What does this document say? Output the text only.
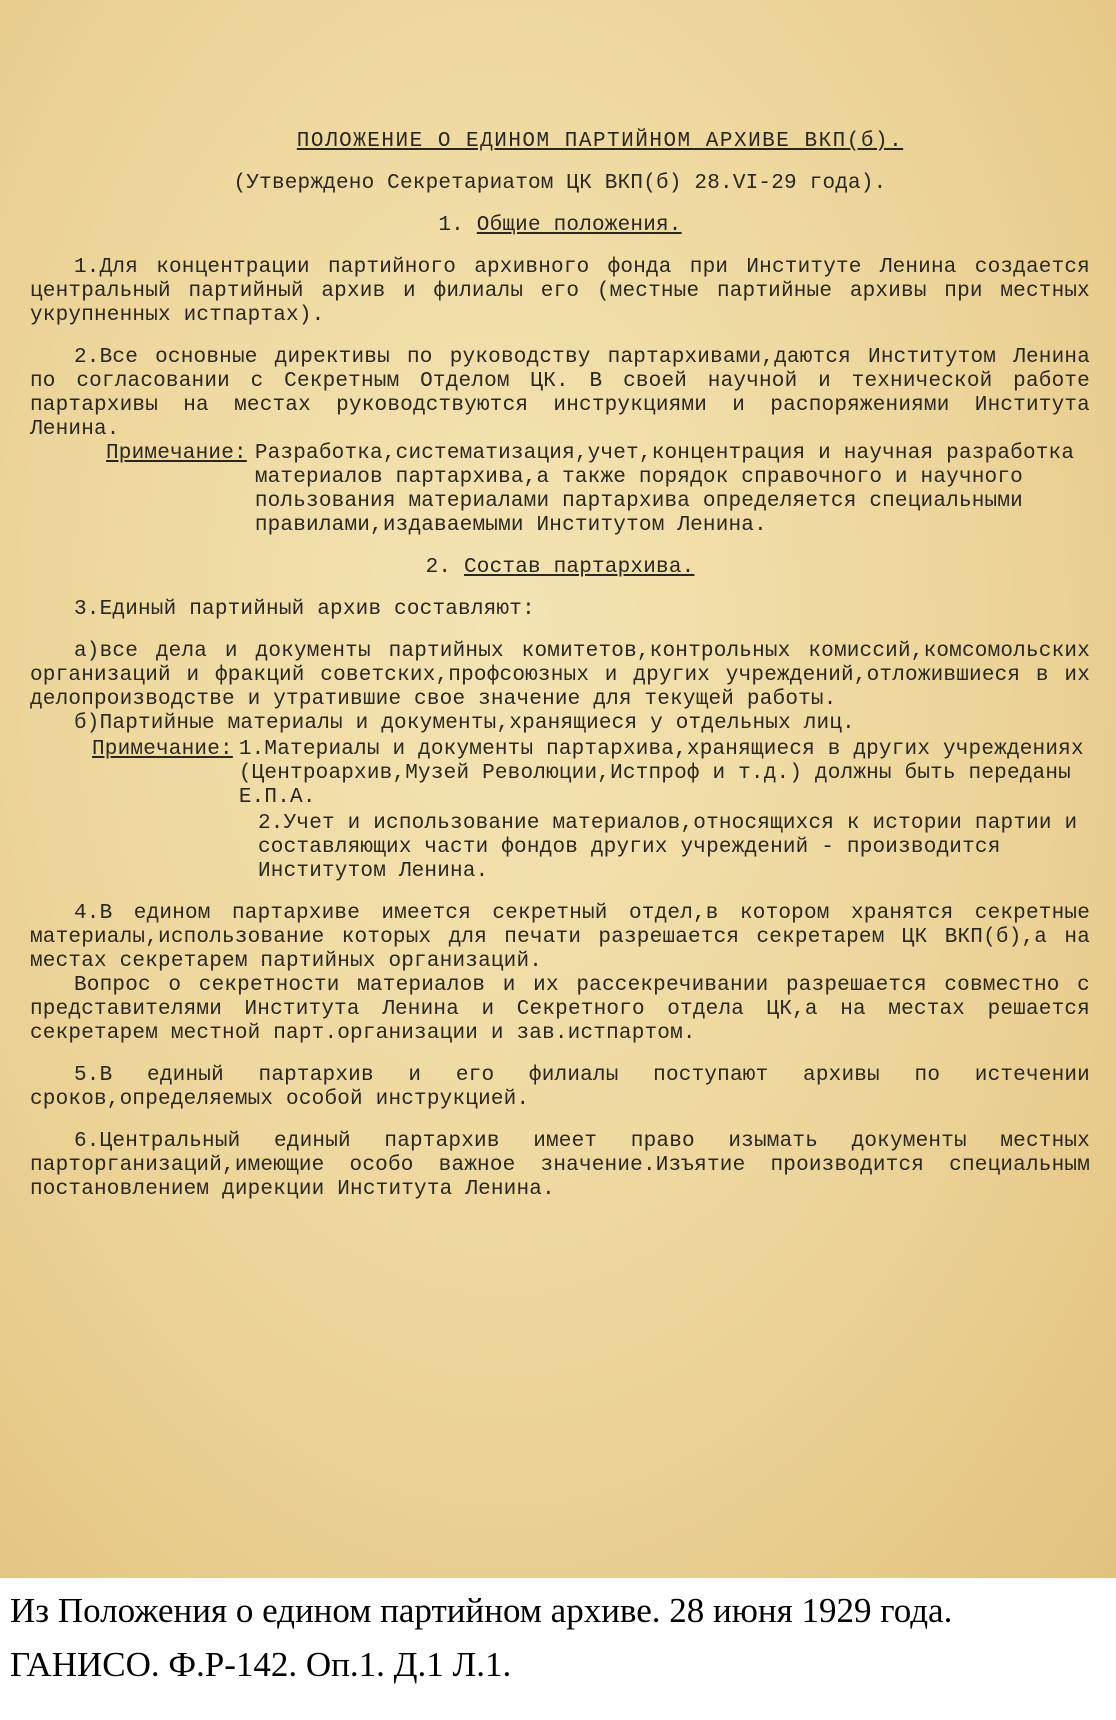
ПОЛОЖЕНИЕ О ЕДИНОМ ПАРТИЙНОМ АРХИВЕ ВКП(б).

(Утверждено Секретариатом ЦК ВКП(б) 28.VI-29 года).

1. Общие положения.

1.Для концентрации партийного архивного фонда при Институте Ленина создается центральный партийный архив и филиалы его (местные партийные архивы при местных укрупненных истпартах).

2.Все основные директивы по руководству партархивами,даются Институтом Ленина по согласовании с Секретным Отделом ЦК. В своей научной и технической работе партархивы на местах руководствуются инструкциями и распоряжениями Института Ленина.

Примечание: Разработка,систематизация,учет,концентрация и научная разработка материалов партархива,а также порядок справочного и научного пользования материалами партархива определяется специальными правилами,издаваемыми Институтом Ленина.
2. Состав партархива.

3.Единый партийный архив составляют:

а)все дела и документы партийных комитетов,контрольных комиссий,комсомольских организаций и фракций советских,профсоюзных и других учреждений,отложившиеся в их делопроизводстве и утратившие свое значение для текущей работы.

б)Партийные материалы и документы,хранящиеся у отдельных лиц.

Примечание: 1.Материалы и документы партархива,хранящиеся в других учреждениях (Центроархив,Музей Революции,Истпроф и т.д.) должны быть переданы Е.П.А.
2.Учет и использование материалов,относящихся к истории партии и составляющих части фондов других учреждений - производится Институтом Ленина.

4.В едином партархиве имеется секретный отдел,в котором хранятся секретные материалы,использование которых для печати разрешается секретарем ЦК ВКП(б),а на местах секретарем партийных организаций.

Вопрос о секретности материалов и их рассекречивании разрешается совместно с представителями Института Ленина и Секретного отдела ЦК,а на местах решается секретарем местной парт.организации и зав.истпартом.

5.В единый партархив и его филиалы поступают архивы по истечении сроков,определяемых особой инструкцией.

6.Центральный единый партархив имеет право изымать документы местных парторганизаций,имеющие особо важное значение.Изъятие производится специальным постановлением дирекции Института Ленина.

Из Положения о едином партийном архиве. 28 июня 1929 года. ГАНИСО. Ф.Р-142. Оп.1. Д.1 Л.1.
